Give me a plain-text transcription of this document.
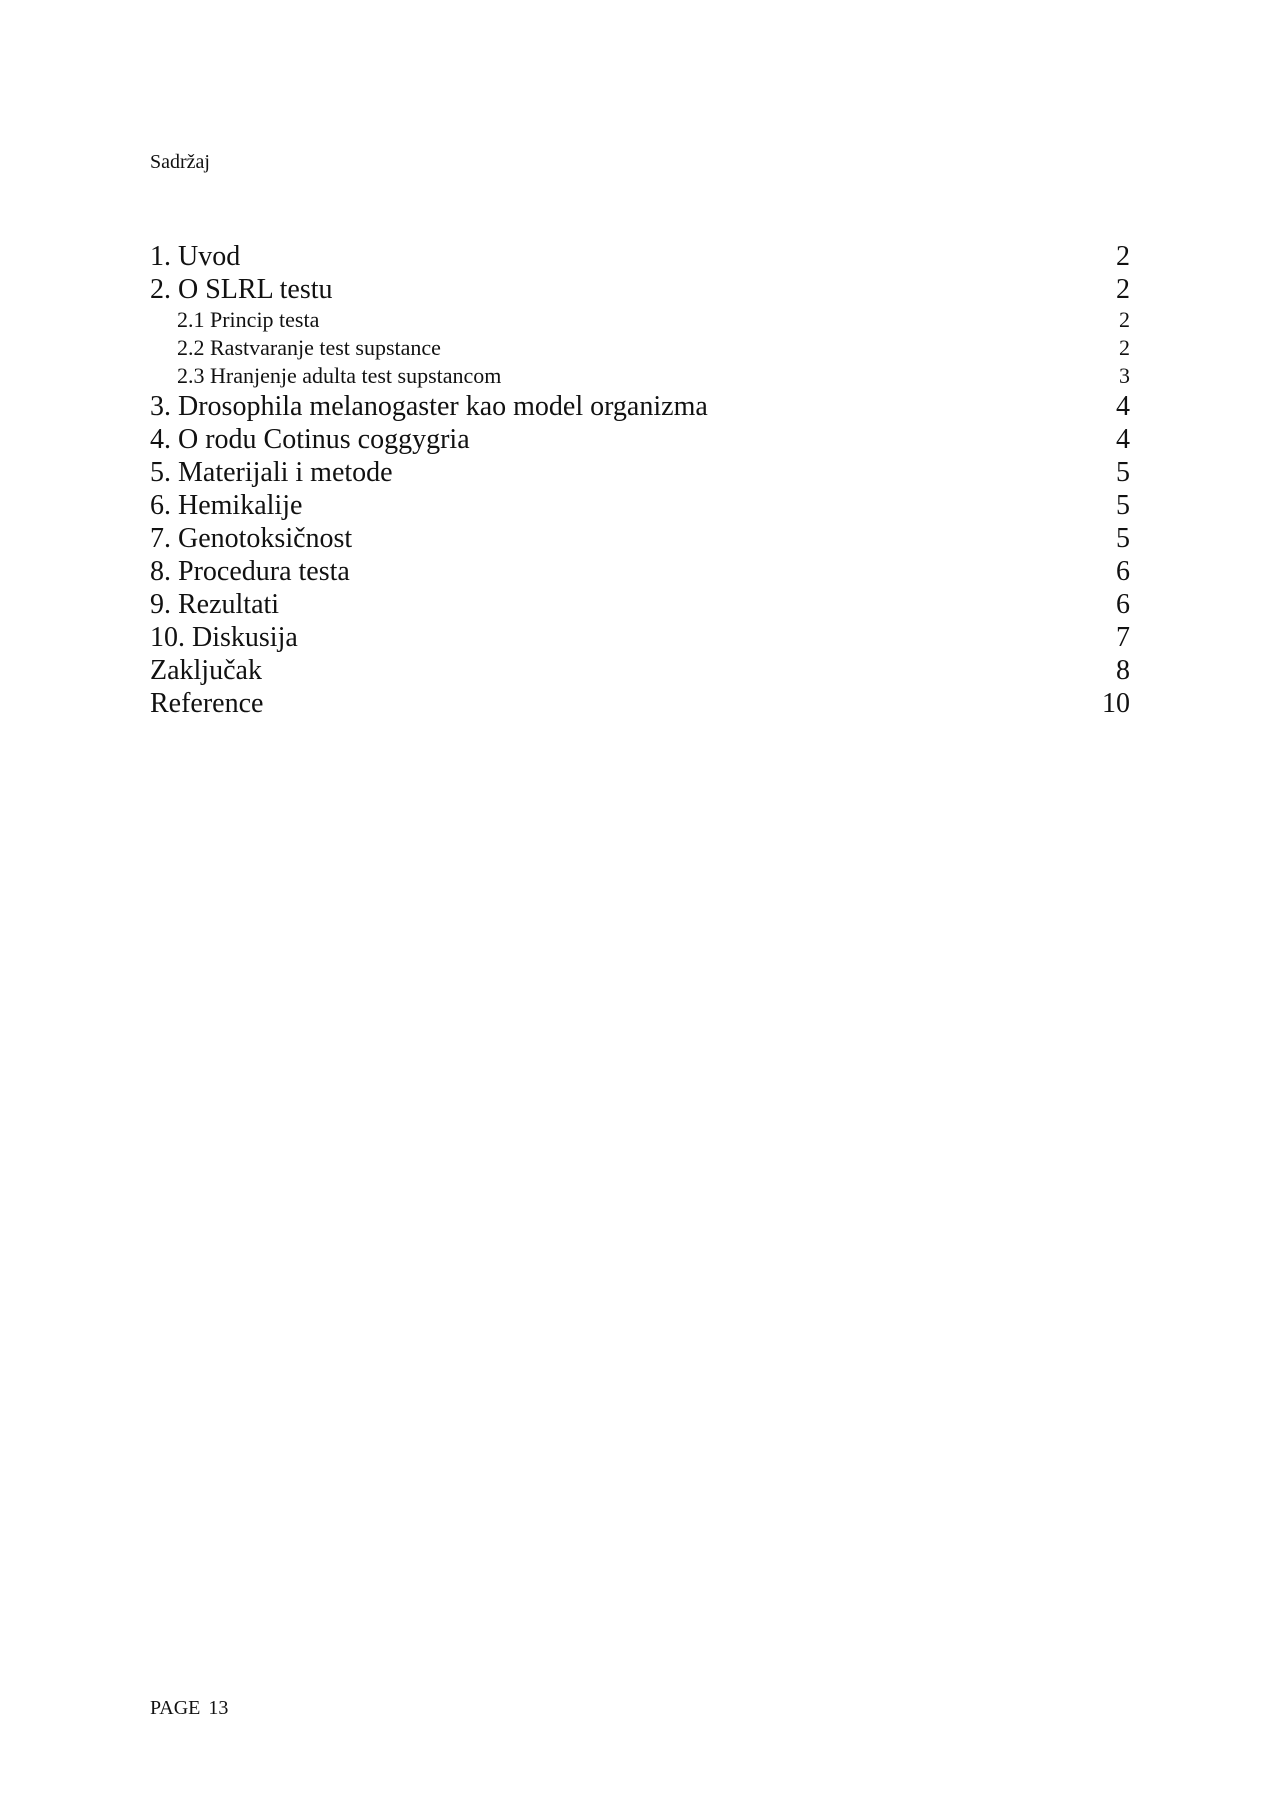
Sadržaj
1. Uvod	2
2. O SLRL testu	2
2.1 Princip testa	2
2.2 Rastvaranje test supstance	2
2.3 Hranjenje adulta test supstancom	3
3. Drosophila melanogaster kao model organizma	4
4. O rodu Cotinus coggygria	4
5. Materijali i metode	5
6. Hemikalije	5
7. Genotoksičnost	5
8. Procedura testa	6
9. Rezultati	6
10. Diskusija	7
Zaključak	8
Reference	10
PAGE 13
